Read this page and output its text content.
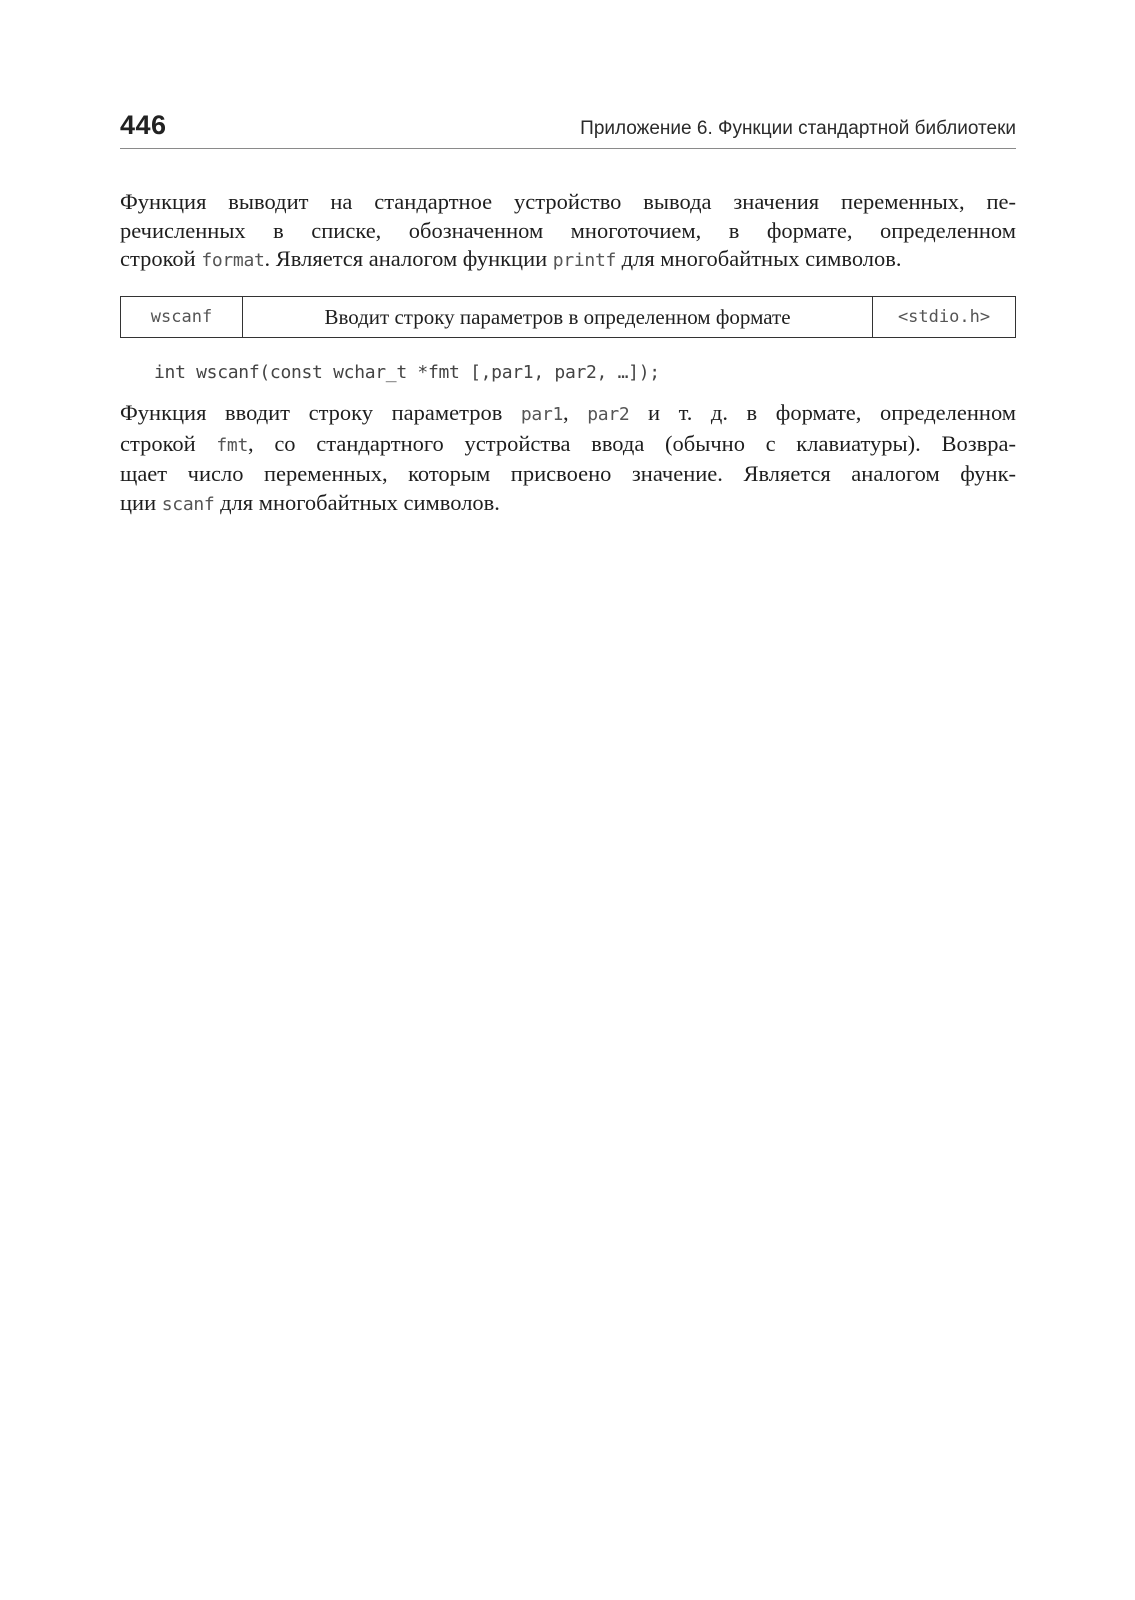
446	Приложение 6. Функции стандартной библиотеки
Функция выводит на стандартное устройство вывода значения переменных, пе-
речисленных в списке, обозначенном многоточием, в формате, определенном
строкой format. Является аналогом функции printf для многобайтных символов.
wscanf	Вводит строку параметров в определенном формате	<stdio.h>
int wscanf(const wchar_t *fmt [,par1, par2, …]);
Функция вводит строку параметров par1, par2 и т. д. в формате, определенном
строкой fmt, со стандартного устройства ввода (обычно с клавиатуры). Возвра-
щает число переменных, которым присвоено значение. Является аналогом функ-
ции scanf для многобайтных символов.
